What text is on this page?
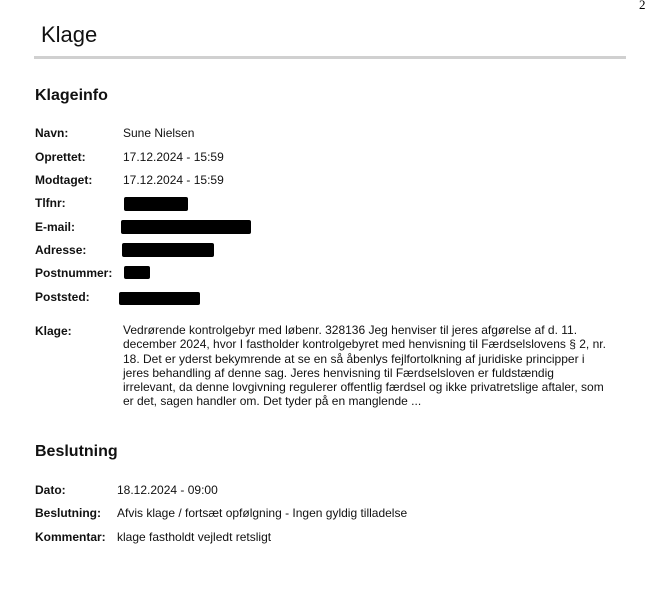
2
Klage
Klageinfo
Navn:	Sune Nielsen
Oprettet:	17.12.2024 - 15:59
Modtaget:	17.12.2024 - 15:59
Tlfnr:
E-mail:
Adresse:
Postnummer:
Poststed:
Klage:	Vedrørende kontrolgebyr med løbenr. 328136 Jeg henviser til jeres afgørelse af d. 11. december 2024, hvor I fastholder kontrolgebyret med henvisning til Færdselslovens § 2, nr. 18. Det er yderst bekymrende at se en så åbenlys fejlfortolkning af juridiske principper i jeres behandling af denne sag. Jeres henvisning til Færdselsloven er fuldstændig irrelevant, da denne lovgivning regulerer offentlig færdsel og ikke privatretslige aftaler, som er det, sagen handler om. Det tyder på en manglende ...
Beslutning
Dato:	18.12.2024 - 09:00
Beslutning: Afvis klage / fortsæt opfølgning - Ingen gyldig tilladelse
Kommentar: klage fastholdt vejledt retsligt
